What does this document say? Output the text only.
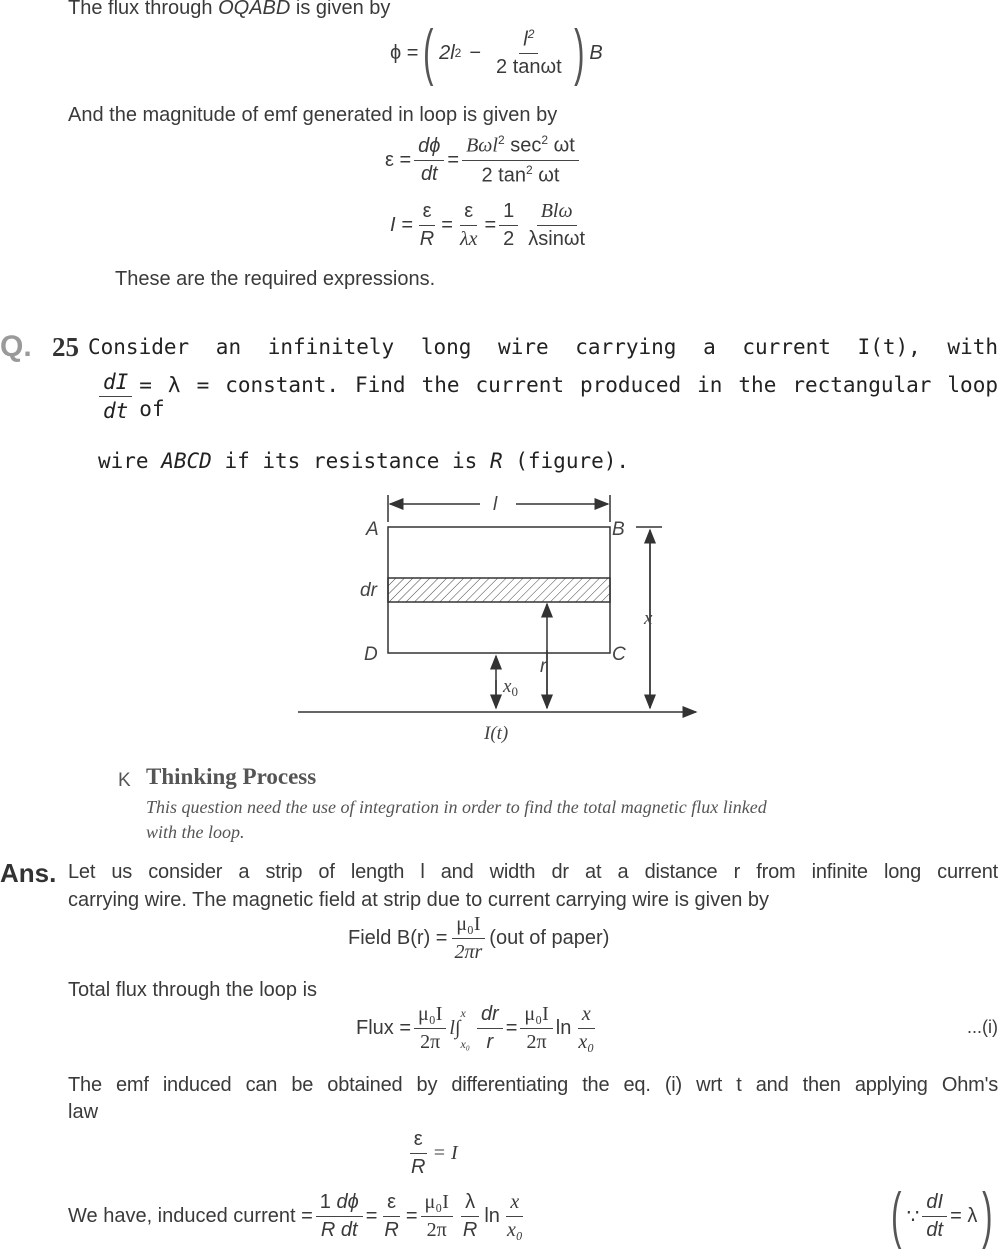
The flux through OQABD is given by
ϕ = ( 2l $2 - \frac{l^2}{2 \tan\omega t}$ ) B
And the magnitude of emf generated in loop is given by
$\varepsilon = \frac{d\phi}{dt} = \frac{B\omega l^2 \sec^2 \omega t}{2 \tan^2 \omega t}$
$I = \frac{\varepsilon}{R} = \frac{\varepsilon}{\lambda x} = \frac{1}{2} \frac{\text{Blω}}{\lambda\sin\omega t}$
These are the required expressions.
Q. 25 Consider an infinitely long wire carrying a current I(t), with
$\frac{dI}{dt} = \lambda$ = constant. Find the current produced in the rectangular loop of
wire ABCD if its resistance is R (figure).
l
A	B
C
D
dr
x
r
$x_0$
I(t)
K Thinking Process
This question need the use of integration in order to find the total magnetic flux linked
with the loop.
Ans. Let us consider a strip of length l and width dr at a distance r from infinite long current
carrying wire. The magnetic field at strip due to current carrying wire is given by
Field $B(r) = \frac{\text{μ₀I}}{2\pi r} (out$ of paper)
Total flux through the loop is
Flux = $\frac{\text{μ₀I}}{2\pi} l\int$
x
$x_0 \frac{dr}{r} = \frac{\text{μ₀I}}{2\pi}$ $\ln \frac{x}{\text{x₀}}$	...(i)
The emf induced can be obtained by differentiating the eq. (i) wrt t and then applying Ohm's
law
$\frac{\varepsilon}{R} = I$
We have, induced current = $\frac{1 d\phi}{\text{R dt}} = \frac{\varepsilon}{R} = \frac{\text{μ₀I}}{2\pi} \frac{\lambda}{R}$ $\ln \frac{x}{\text{x₀}}$	( ∵ $\frac{dI}{dt} = \lambda$ )
